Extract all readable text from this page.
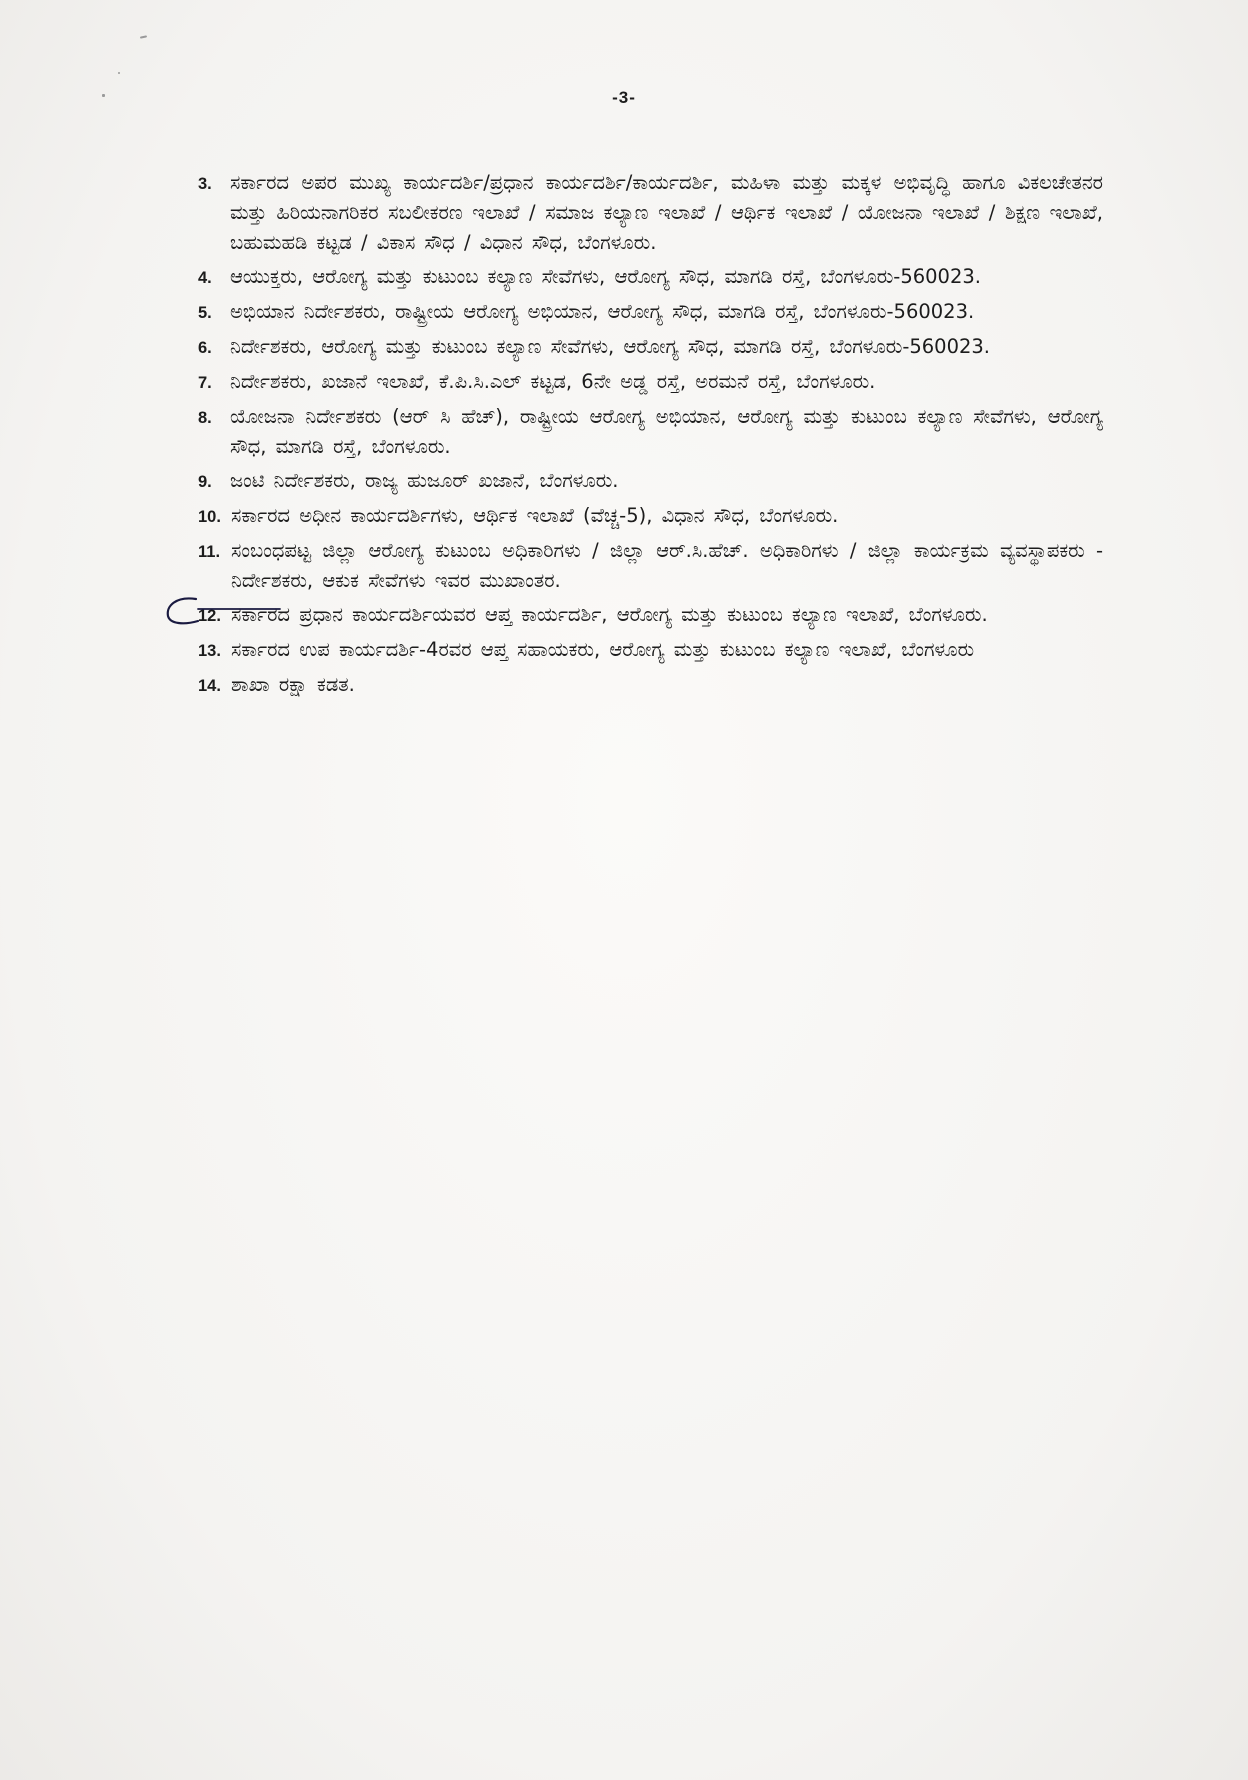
-3-
3. ಸರ್ಕಾರದ ಅಪರ ಮುಖ್ಯ ಕಾರ್ಯದರ್ಶಿ/ಪ್ರಧಾನ ಕಾರ್ಯದರ್ಶಿ/ಕಾರ್ಯದರ್ಶಿ, ಮಹಿಳಾ ಮತ್ತು ಮಕ್ಕಳ ಅಭಿವೃದ್ಧಿ ಹಾಗೂ ವಿಕಲಚೇತನರ ಮತ್ತು ಹಿರಿಯನಾಗರಿಕರ ಸಬಲೀಕರಣ ಇಲಾಖೆ / ಸಮಾಜ ಕಲ್ಯಾಣ ಇಲಾಖೆ / ಆರ್ಥಿಕ ಇಲಾಖೆ / ಯೋಜನಾ ಇಲಾಖೆ / ಶಿಕ್ಷಣ ಇಲಾಖೆ, ಬಹುಮಹಡಿ ಕಟ್ಟಡ / ವಿಕಾಸ ಸೌಧ / ವಿಧಾನ ಸೌಧ, ಬೆಂಗಳೂರು.
4. ಆಯುಕ್ತರು, ಆರೋಗ್ಯ ಮತ್ತು ಕುಟುಂಬ ಕಲ್ಯಾಣ ಸೇವೆಗಳು, ಆರೋಗ್ಯ ಸೌಧ, ಮಾಗಡಿ ರಸ್ತೆ, ಬೆಂಗಳೂರು-560023.
5. ಅಭಿಯಾನ ನಿರ್ದೇಶಕರು, ರಾಷ್ಟ್ರೀಯ ಆರೋಗ್ಯ ಅಭಿಯಾನ, ಆರೋಗ್ಯ ಸೌಧ, ಮಾಗಡಿ ರಸ್ತೆ, ಬೆಂಗಳೂರು-560023.
6. ನಿರ್ದೇಶಕರು, ಆರೋಗ್ಯ ಮತ್ತು ಕುಟುಂಬ ಕಲ್ಯಾಣ ಸೇವೆಗಳು, ಆರೋಗ್ಯ ಸೌಧ, ಮಾಗಡಿ ರಸ್ತೆ, ಬೆಂಗಳೂರು-560023.
7. ನಿರ್ದೇಶಕರು, ಖಜಾನೆ ಇಲಾಖೆ, ಕೆ.ಪಿ.ಸಿ.ಎಲ್ ಕಟ್ಟಡ, 6ನೇ ಅಡ್ಡ ರಸ್ತೆ, ಅರಮನೆ ರಸ್ತೆ, ಬೆಂಗಳೂರು.
8. ಯೋಜನಾ ನಿರ್ದೇಶಕರು (ಆರ್ ಸಿ ಹೆಚ್), ರಾಷ್ಟ್ರೀಯ ಆರೋಗ್ಯ ಅಭಿಯಾನ, ಆರೋಗ್ಯ ಮತ್ತು ಕುಟುಂಬ ಕಲ್ಯಾಣ ಸೇವೆಗಳು, ಆರೋಗ್ಯ ಸೌಧ, ಮಾಗಡಿ ರಸ್ತೆ, ಬೆಂಗಳೂರು.
9. ಜಂಟಿ ನಿರ್ದೇಶಕರು, ರಾಜ್ಯ ಹುಜೂರ್ ಖಜಾನೆ, ಬೆಂಗಳೂರು.
10. ಸರ್ಕಾರದ ಅಧೀನ ಕಾರ್ಯದರ್ಶಿಗಳು, ಆರ್ಥಿಕ ಇಲಾಖೆ (ವೆಚ್ಚ-5), ವಿಧಾನ ಸೌಧ, ಬೆಂಗಳೂರು.
11. ಸಂಬಂಧಪಟ್ಟ ಜಿಲ್ಲಾ ಆರೋಗ್ಯ ಕುಟುಂಬ ಅಧಿಕಾರಿಗಳು / ಜಿಲ್ಲಾ ಆರ್.ಸಿ.ಹೆಚ್. ಅಧಿಕಾರಿಗಳು / ಜಿಲ್ಲಾ ಕಾರ್ಯಕ್ರಮ ವ್ಯವಸ್ಥಾಪಕರು - ನಿರ್ದೇಶಕರು, ಆಕುಕ ಸೇವೆಗಳು ಇವರ ಮುಖಾಂತರ.
12. ಸರ್ಕಾರದ ಪ್ರಧಾನ ಕಾರ್ಯದರ್ಶಿಯವರ ಆಪ್ತ ಕಾರ್ಯದರ್ಶಿ, ಆರೋಗ್ಯ ಮತ್ತು ಕುಟುಂಬ ಕಲ್ಯಾಣ ಇಲಾಖೆ, ಬೆಂಗಳೂರು.
13. ಸರ್ಕಾರದ ಉಪ ಕಾರ್ಯದರ್ಶಿ-4ರವರ ಆಪ್ತ ಸಹಾಯಕರು, ಆರೋಗ್ಯ ಮತ್ತು ಕುಟುಂಬ ಕಲ್ಯಾಣ ಇಲಾಖೆ, ಬೆಂಗಳೂರು
14. ಶಾಖಾ ರಕ್ಷಾ ಕಡತ.
